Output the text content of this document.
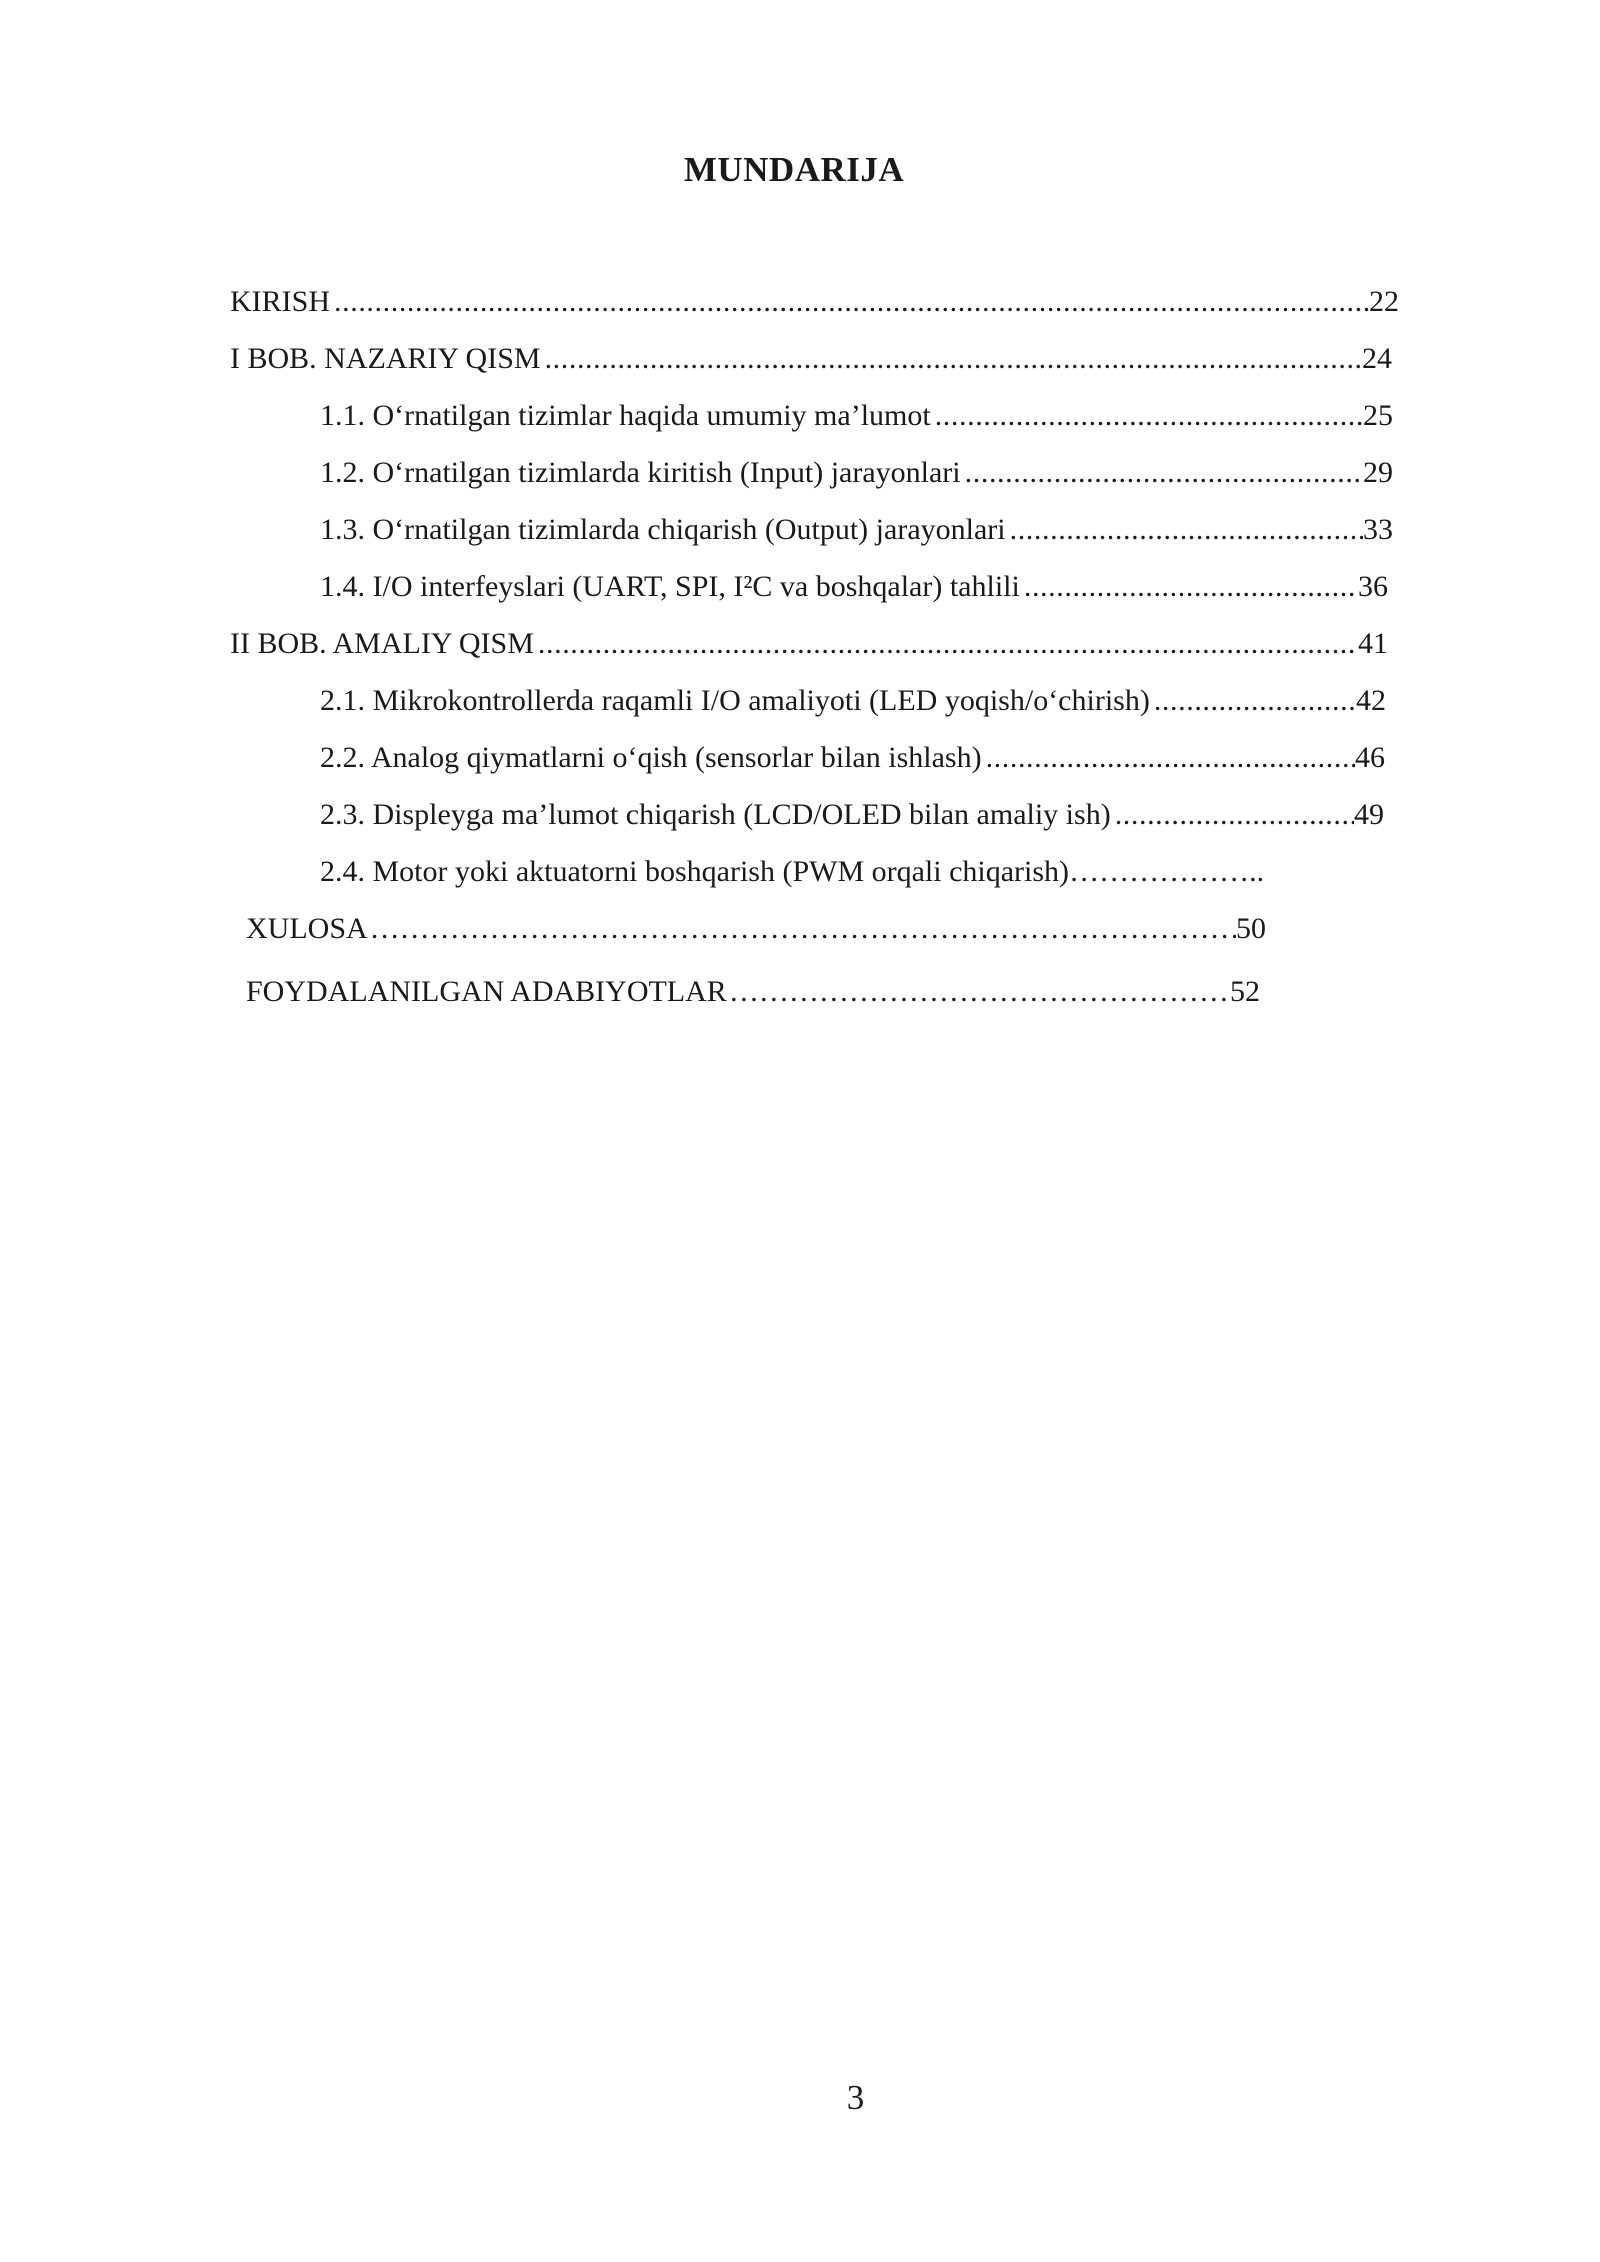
MUNDARIJA
KIRISH .....	22
I BOB. NAZARIY QISM .....	24
1.1. O‘rnatilgan tizimlar haqida umumiy ma’lumot .....	25
1.2. O‘rnatilgan tizimlarda kiritish (Input) jarayonlari .....	29
1.3. O‘rnatilgan tizimlarda chiqarish (Output) jarayonlari .....	33
1.4. I/O interfeyslari (UART, SPI, I²C va boshqalar) tahlili .....	36
II BOB. AMALIY QISM .....	41
2.1. Mikrokontrollerda raqamli I/O amaliyoti (LED yoqish/o‘chirish) .....	42
2.2. Analog qiymatlarni o‘qish (sensorlar bilan ishlash) .....	46
2.3. Displeyga ma’lumot chiqarish (LCD/OLED bilan amaliy ish) .....	49
2.4. Motor yoki aktuatorni boshqarish (PWM orqali chiqarish) ……………… ..
XULOSA ……………………………………………………………………………………………………………………………………………………………………	50
FOYDALANILGAN ADABIYOTLAR ……………………………………………………………………………………………………………………………………………………………………	52
3
